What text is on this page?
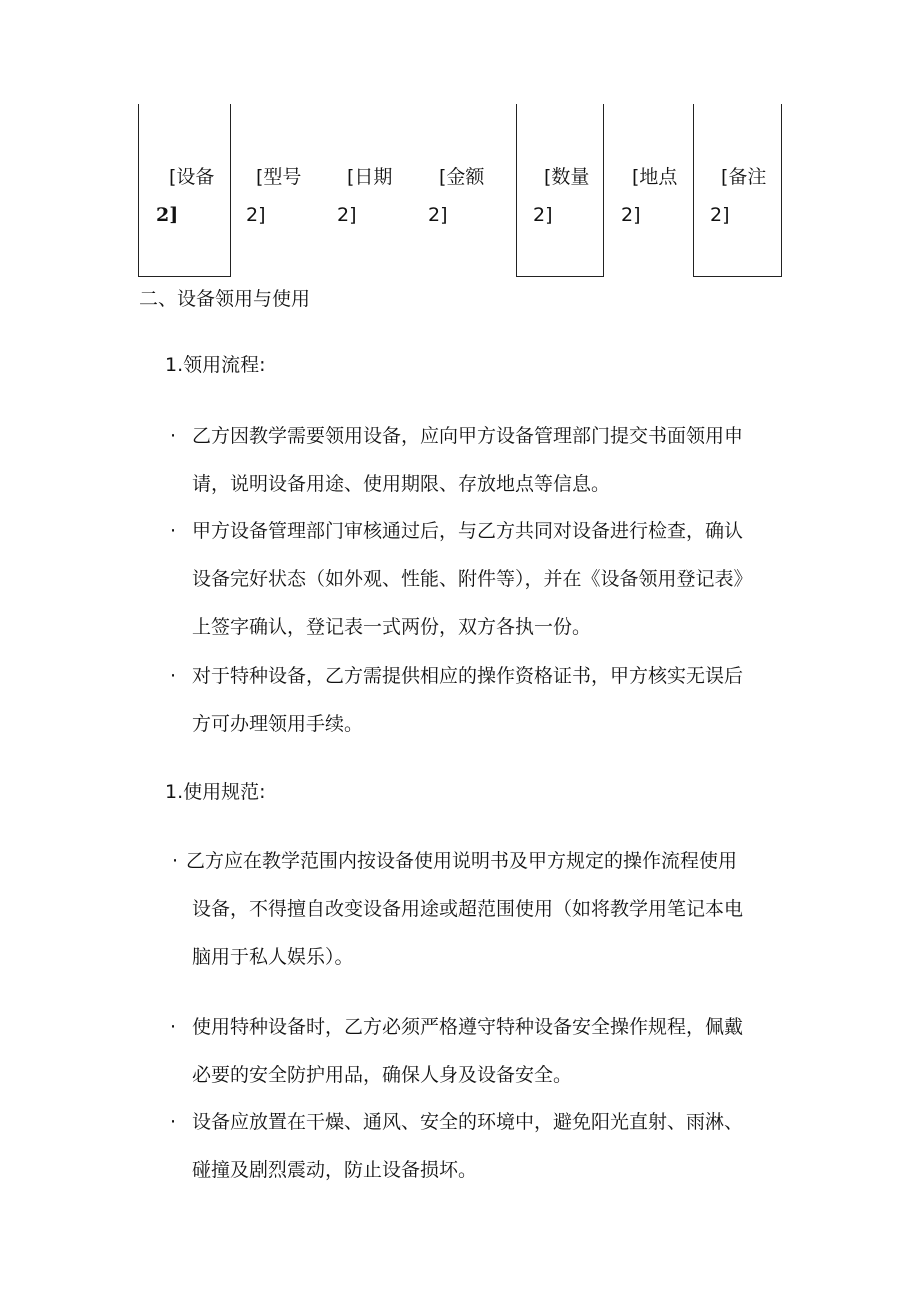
[设备
2]
[型号
2]
[日期
2]
[金额
2]
[数量
2]
[地点
2]
[备注
2]
二、设备领用与使用
1.领用流程:
· 乙方因教学需要领用设备，应向甲方设备管理部门提交书面领用申
请，说明设备用途、使用期限、存放地点等信息。
· 甲方设备管理部门审核通过后，与乙方共同对设备进行检查，确认
设备完好状态（如外观、性能、附件等），并在《设备领用登记表》
上签字确认，登记表一式两份，双方各执一份。
· 对于特种设备，乙方需提供相应的操作资格证书，甲方核实无误后
方可办理领用手续。
1.使用规范:
· 乙方应在教学范围内按设备使用说明书及甲方规定的操作流程使用
设备，不得擅自改变设备用途或超范围使用（如将教学用笔记本电
脑用于私人娱乐）。
· 使用特种设备时，乙方必须严格遵守特种设备安全操作规程，佩戴
必要的安全防护用品，确保人身及设备安全。
· 设备应放置在干燥、通风、安全的环境中，避免阳光直射、雨淋、
碰撞及剧烈震动，防止设备损坏。
